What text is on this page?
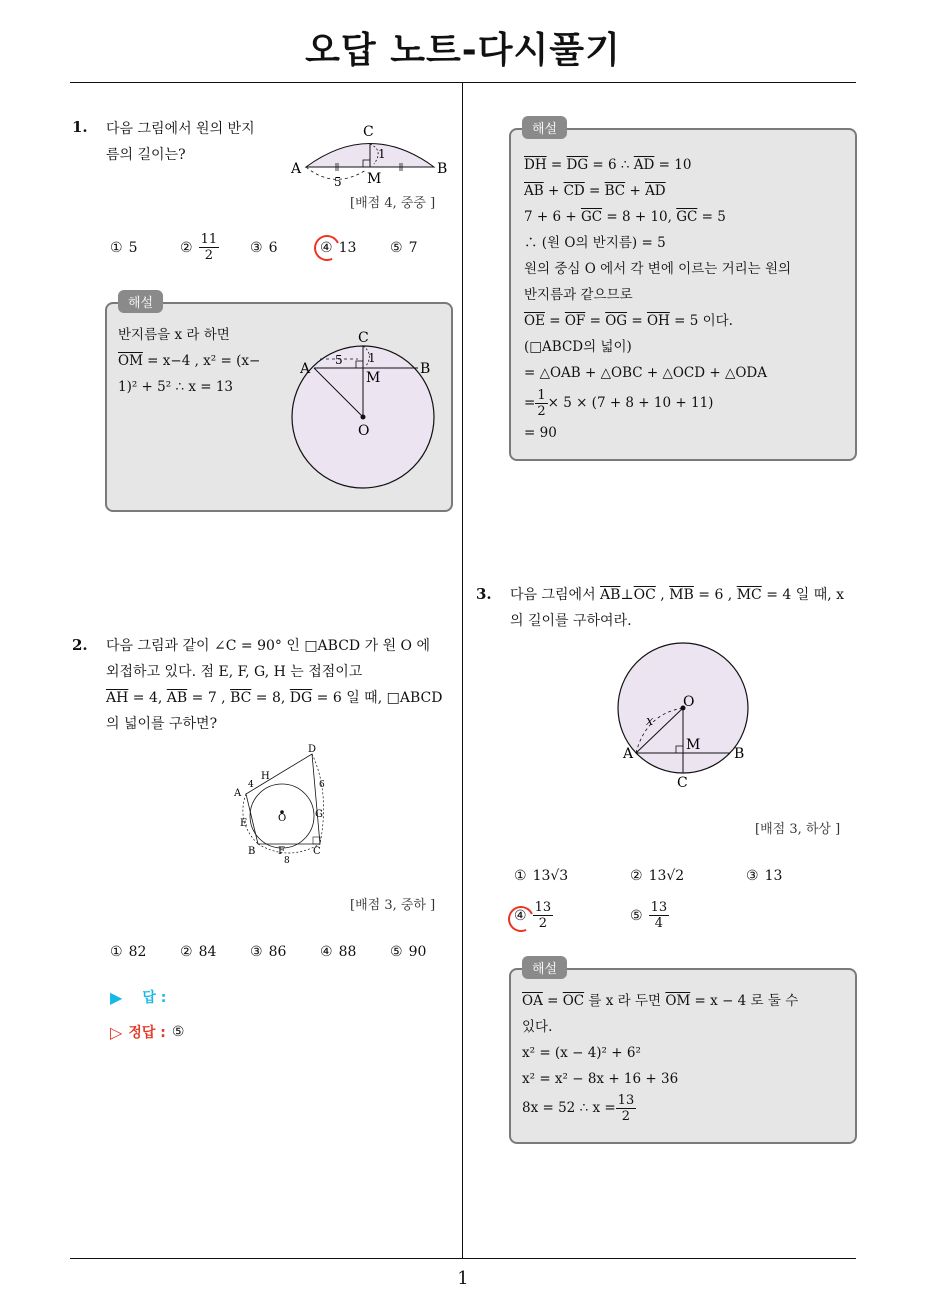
오답 노트-다시풀기
1
1. 다음 그림에서 원의 반지
름의 길이는?
A	B
C
M
5
1
[배점 4, 중중 ]
① 5	② $\frac{11}{2}$ ③ 6	④ 13 ⑤ 7
해설
반지름을 x 라 하면
$\overline{OM} = x-4$ , x² = (x−
1)² + 5² ∴ x = 13
A	B
C
M
O
5 1
2. 다음 그림과 같이 ∠C = 90° 인 □ABCD 가 원 O 에
외접하고 있다. 점 E, F, G, H 는 접점이고
$\overline{AH} = 4$, $\overline{AB} = 7$ , $\overline{BC} = 8$, $\overline{DG} = 6$ 일 때, □ABCD
의 넓이를 구하면?
A
B	C
D
E
F
G
H
O
4	6
8
[배점 3, 중하 ]
① 82 ② 84 ③ 86 ④ 88 ⑤ 90
▶ 답 :
▷ 정답 : ⑤
해설
$\overline{DH} = \overline{DG} = 6$ ∴ $\overline{AD} = 10$
$\overline{AB} + \overline{CD} = \overline{BC} + \overline{AD}$
$7 + 6 + \overline{GC} = 8 + 10$, $\overline{GC} = 5$
∴ (원 O의 반지름) = 5
원의 중심 O 에서 각 변에 이르는 거리는 원의
반지름과 같으므로
$\overline{OE} = \overline{OF} = \overline{OG} = \overline{OH} = 5$ 이다.
(□ABCD의 넓이)
= △OAB + △OBC + △OCD + △ODA
= $\frac{1}{2} \times 5 \times (7 + 8 + 10 + 11)$
= 90
3. 다음 그림에서 $\overline{AB}\perp\overline{OC}$ , $\overline{MB} = 6$ , $\overline{MC} = 4$ 일 때, x
의 길이를 구하여라.
A	B
C
M
O
x
[배점 3, 하상 ]
① 13√3	② 13√2	③ 13
④ $\frac{13}{2}$	⑤ $\frac{13}{4}$
해설
$\overline{OA} = \overline{OC}$ 를 x 라 두면 $\overline{OM} = x - 4$ 로 둘 수
있다.
x² = (x − 4)² + 6²
x² = x² − 8x + 16 + 36
8x = 52 ∴ $x = \frac{13}{2}$
